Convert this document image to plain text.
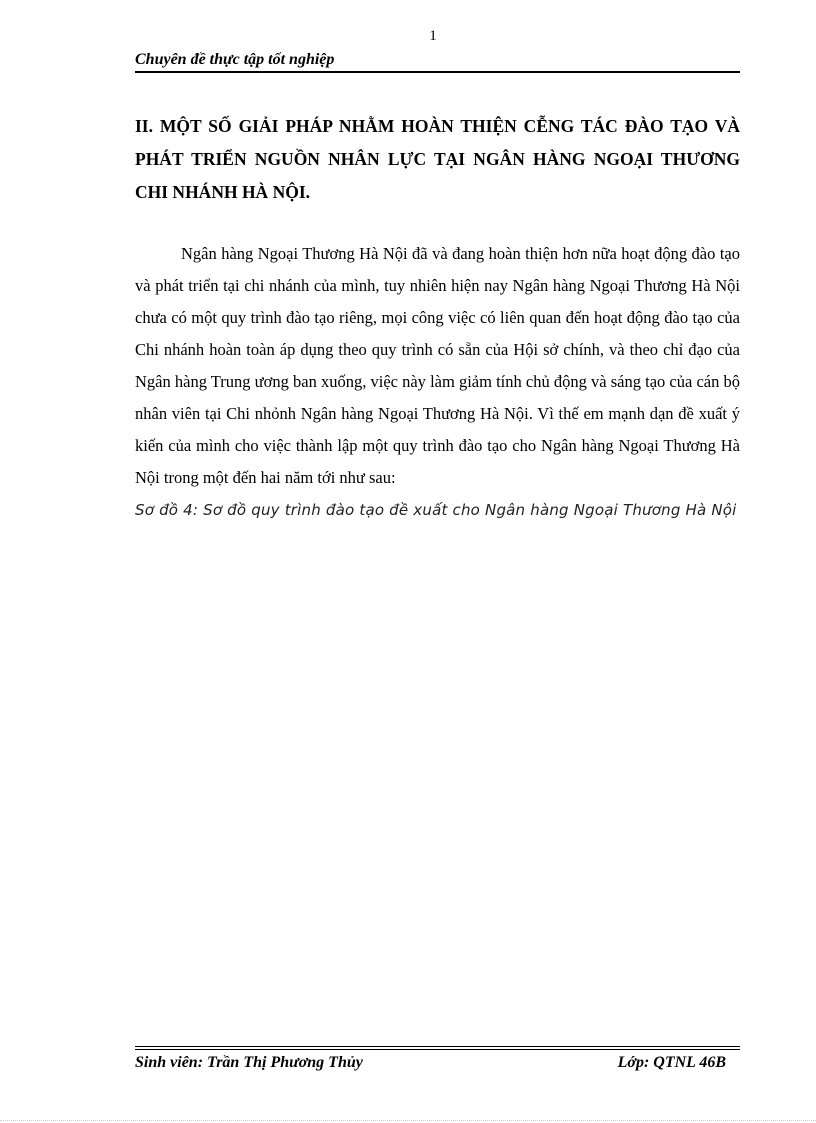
1
Chuyên đề thực tập tốt nghiệp
II. MỘT SỐ GIẢI PHÁP NHẰM HOÀN THIỆN CỄNG TÁC ĐÀO TẠO VÀ PHÁT TRIỂN NGUỒN NHÂN LỰC TẠI NGÂN HÀNG NGOẠI THƯƠNG CHI NHÁNH HÀ NỘI.

Ngân hàng Ngoại Thương Hà Nội đã và đang hoàn thiện hơn nữa hoạt động đào tạo và phát triển tại chi nhánh của mình, tuy nhiên hiện nay Ngân hàng Ngoại Thương Hà Nội chưa có một quy trình đào tạo riêng, mọi công việc có liên quan đến hoạt động đào tạo của Chi nhánh hoàn toàn áp dụng theo quy trình có sẵn của Hội sở chính, và theo chỉ đạo của Ngân hàng Trung ương ban xuống, việc này làm giảm tính chủ động và sáng tạo của cán bộ nhân viên tại Chi nhỏnh Ngân hàng Ngoại Thương Hà Nội. Vì thế em mạnh dạn đề xuất ý kiến của mình cho việc thành lập một quy trình đào tạo cho Ngân hàng Ngoại Thương Hà Nội trong một đến hai năm tới như sau:

Sơ đồ 4: Sơ đồ quy trình đào tạo đề xuất cho Ngân hàng Ngoại Thương Hà Nội

Sinh viên: Trần Thị Phương Thủy	Lớp: QTNL 46B
